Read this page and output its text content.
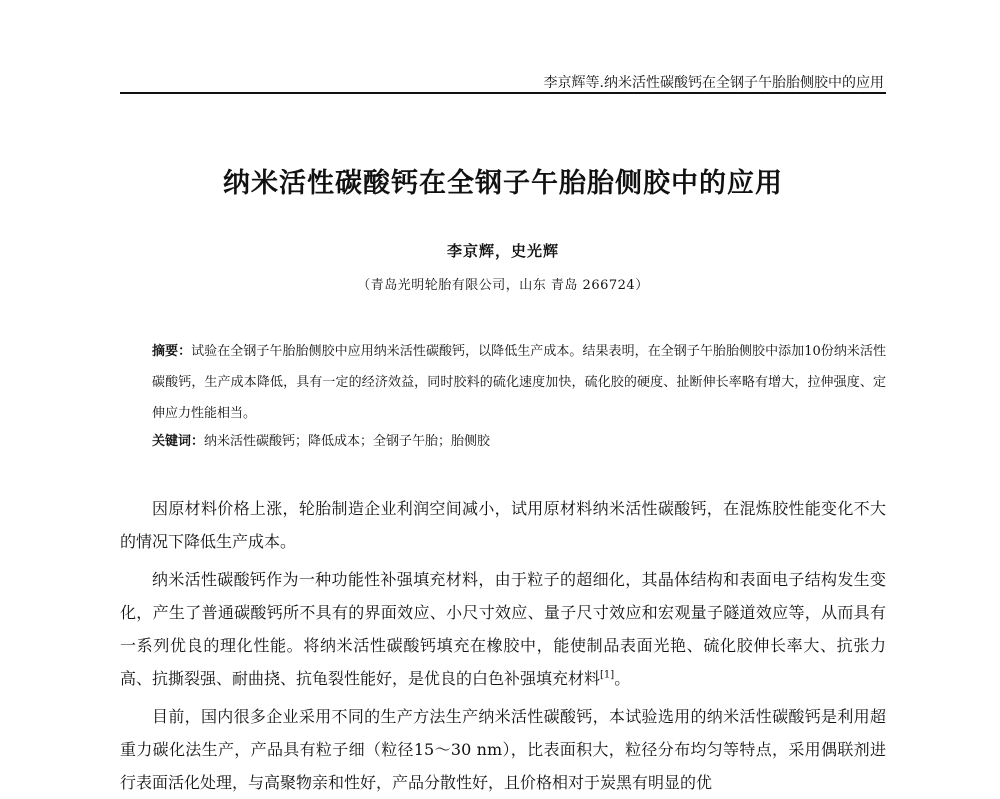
李京辉等.纳米活性碳酸钙在全钢子午胎胎侧胶中的应用
纳米活性碳酸钙在全钢子午胎胎侧胶中的应用
李京辉，史光辉
（青岛光明轮胎有限公司，山东 青岛 266724）
摘要：试验在全钢子午胎胎侧胶中应用纳米活性碳酸钙，以降低生产成本。结果表明，在全钢子午胎胎侧胶中添加10份纳米活性碳酸钙，生产成本降低，具有一定的经济效益，同时胶料的硫化速度加快，硫化胶的硬度、扯断伸长率略有增大，拉伸强度、定伸应力性能相当。
关键词：纳米活性碳酸钙；降低成本；全钢子午胎；胎侧胶

因原材料价格上涨，轮胎制造企业利润空间减小，试用原材料纳米活性碳酸钙，在混炼胶性能变化不大的情况下降低生产成本。

纳米活性碳酸钙作为一种功能性补强填充材料，由于粒子的超细化，其晶体结构和表面电子结构发生变化，产生了普通碳酸钙所不具有的界面效应、小尺寸效应、量子尺寸效应和宏观量子隧道效应等，从而具有一系列优良的理化性能。将纳米活性碳酸钙填充在橡胶中，能使制品表面光艳、硫化胶伸长率大、抗张力高、抗撕裂强、耐曲挠、抗龟裂性能好，是优良的白色补强填充材料[1]。

目前，国内很多企业采用不同的生产方法生产纳米活性碳酸钙，本试验选用的纳米活性碳酸钙是利用超重力碳化法生产，产品具有粒子细（粒径15～30 nm），比表面积大，粒径分布均匀等特点，采用偶联剂进行表面活化处理，与高聚物亲和性好，产品分散性好，且价格相对于炭黑有明显的优
